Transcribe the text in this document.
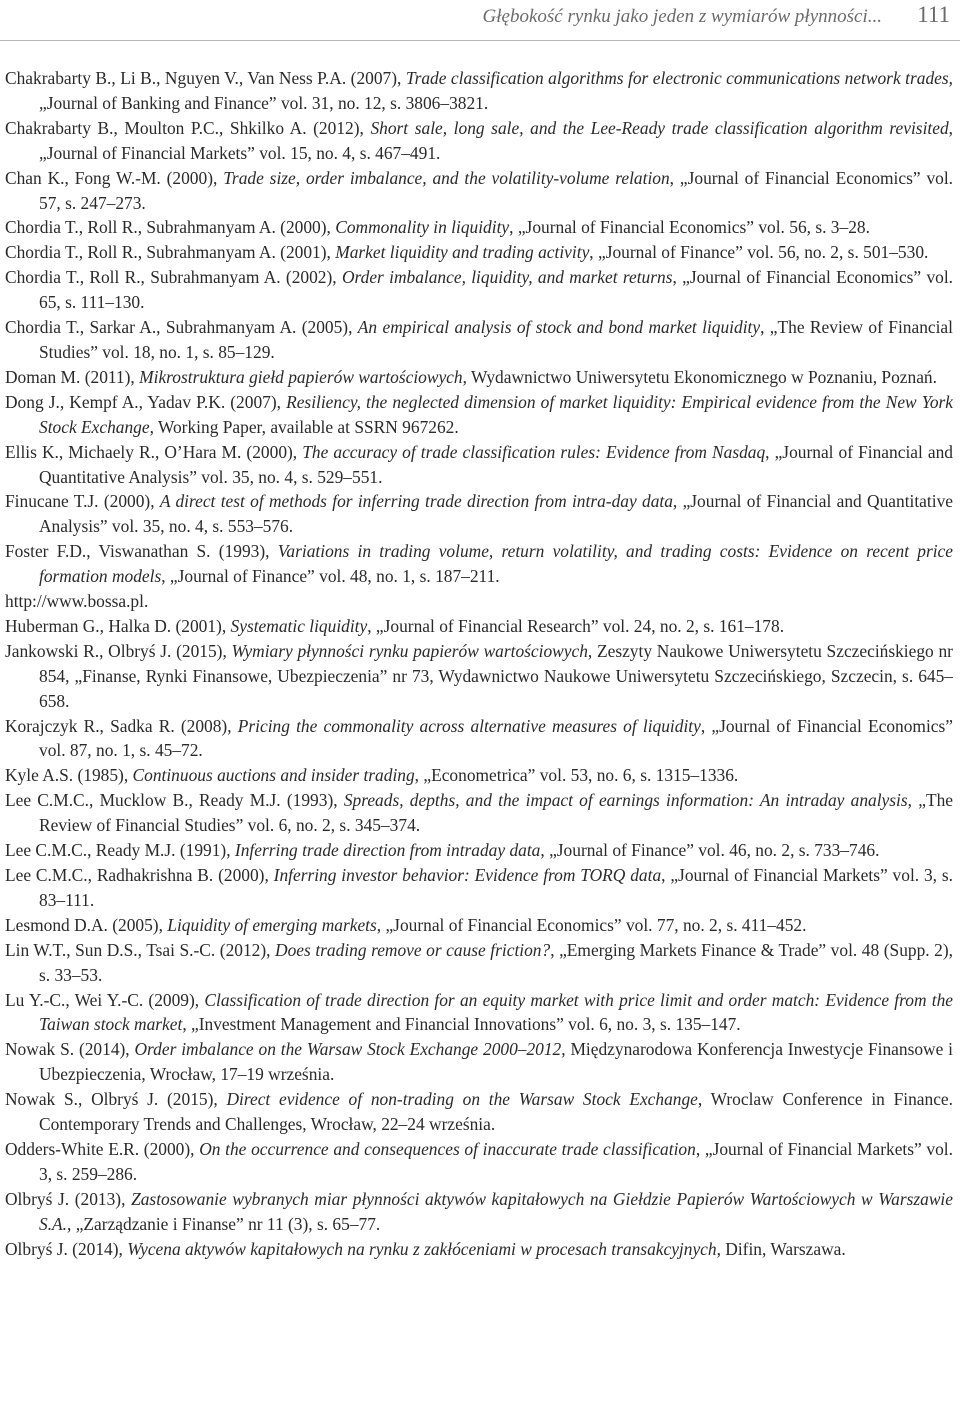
Głębokość rynku jako jeden z wymiarów płynności... 111

Chakrabarty B., Li B., Nguyen V., Van Ness P.A. (2007), Trade classification algorithms for electronic communications network trades, „Journal of Banking and Finance” vol. 31, no. 12, s. 3806–3821.

Chakrabarty B., Moulton P.C., Shkilko A. (2012), Short sale, long sale, and the Lee-Ready trade classification algorithm revisited, „Journal of Financial Markets” vol. 15, no. 4, s. 467–491.

Chan K., Fong W.-M. (2000), Trade size, order imbalance, and the volatility-volume relation, „Journal of Financial Economics” vol. 57, s. 247–273.

Chordia T., Roll R., Subrahmanyam A. (2000), Commonality in liquidity, „Journal of Financial Economics” vol. 56, s. 3–28.

Chordia T., Roll R., Subrahmanyam A. (2001), Market liquidity and trading activity, „Journal of Finance” vol. 56, no. 2, s. 501–530.

Chordia T., Roll R., Subrahmanyam A. (2002), Order imbalance, liquidity, and market returns, „Journal of Financial Economics” vol. 65, s. 111–130.

Chordia T., Sarkar A., Subrahmanyam A. (2005), An empirical analysis of stock and bond market liquidity, „The Review of Financial Studies” vol. 18, no. 1, s. 85–129.

Doman M. (2011), Mikrostruktura giełd papierów wartościowych, Wydawnictwo Uniwersytetu Ekonomicznego w Poznaniu, Poznań.

Dong J., Kempf A., Yadav P.K. (2007), Resiliency, the neglected dimension of market liquidity: Empirical evidence from the New York Stock Exchange, Working Paper, available at SSRN 967262.

Ellis K., Michaely R., O’Hara M. (2000), The accuracy of trade classification rules: Evidence from Nasdaq, „Journal of Financial and Quantitative Analysis” vol. 35, no. 4, s. 529–551.

Finucane T.J. (2000), A direct test of methods for inferring trade direction from intra-day data, „Journal of Financial and Quantitative Analysis” vol. 35, no. 4, s. 553–576.

Foster F.D., Viswanathan S. (1993), Variations in trading volume, return volatility, and trading costs: Evidence on recent price formation models, „Journal of Finance” vol. 48, no. 1, s. 187–211.

http://www.bossa.pl.

Huberman G., Halka D. (2001), Systematic liquidity, „Journal of Financial Research” vol. 24, no. 2, s. 161–178.

Jankowski R., Olbryś J. (2015), Wymiary płynności rynku papierów wartościowych, Zeszyty Naukowe Uniwersytetu Szczecińskiego nr 854, „Finanse, Rynki Finansowe, Ubezpieczenia” nr 73, Wydawnictwo Naukowe Uniwersytetu Szczecińskiego, Szczecin, s. 645–658.

Korajczyk R., Sadka R. (2008), Pricing the commonality across alternative measures of liquidity, „Journal of Financial Economics” vol. 87, no. 1, s. 45–72.

Kyle A.S. (1985), Continuous auctions and insider trading, „Econometrica” vol. 53, no. 6, s. 1315–1336.

Lee C.M.C., Mucklow B., Ready M.J. (1993), Spreads, depths, and the impact of earnings information: An intraday analysis, „The Review of Financial Studies” vol. 6, no. 2, s. 345–374.

Lee C.M.C., Ready M.J. (1991), Inferring trade direction from intraday data, „Journal of Finance” vol. 46, no. 2, s. 733–746.

Lee C.M.C., Radhakrishna B. (2000), Inferring investor behavior: Evidence from TORQ data, „Journal of Financial Markets” vol. 3, s. 83–111.

Lesmond D.A. (2005), Liquidity of emerging markets, „Journal of Financial Economics” vol. 77, no. 2, s. 411–452.

Lin W.T., Sun D.S., Tsai S.-C. (2012), Does trading remove or cause friction?, „Emerging Markets Finance & Trade” vol. 48 (Supp. 2), s. 33–53.

Lu Y.-C., Wei Y.-C. (2009), Classification of trade direction for an equity market with price limit and order match: Evidence from the Taiwan stock market, „Investment Management and Financial Innovations” vol. 6, no. 3, s. 135–147.

Nowak S. (2014), Order imbalance on the Warsaw Stock Exchange 2000–2012, Międzynarodowa Konferencja Inwestycje Finansowe i Ubezpieczenia, Wrocław, 17–19 września.

Nowak S., Olbryś J. (2015), Direct evidence of non-trading on the Warsaw Stock Exchange, Wroclaw Conference in Finance. Contemporary Trends and Challenges, Wrocław, 22–24 września.

Odders-White E.R. (2000), On the occurrence and consequences of inaccurate trade classification, „Journal of Financial Markets” vol. 3, s. 259–286.

Olbryś J. (2013), Zastosowanie wybranych miar płynności aktywów kapitałowych na Giełdzie Papierów Wartościowych w Warszawie S.A., „Zarządzanie i Finanse” nr 11 (3), s. 65–77.

Olbryś J. (2014), Wycena aktywów kapitałowych na rynku z zakłóceniami w procesach transakcyjnych, Difin, Warszawa.
